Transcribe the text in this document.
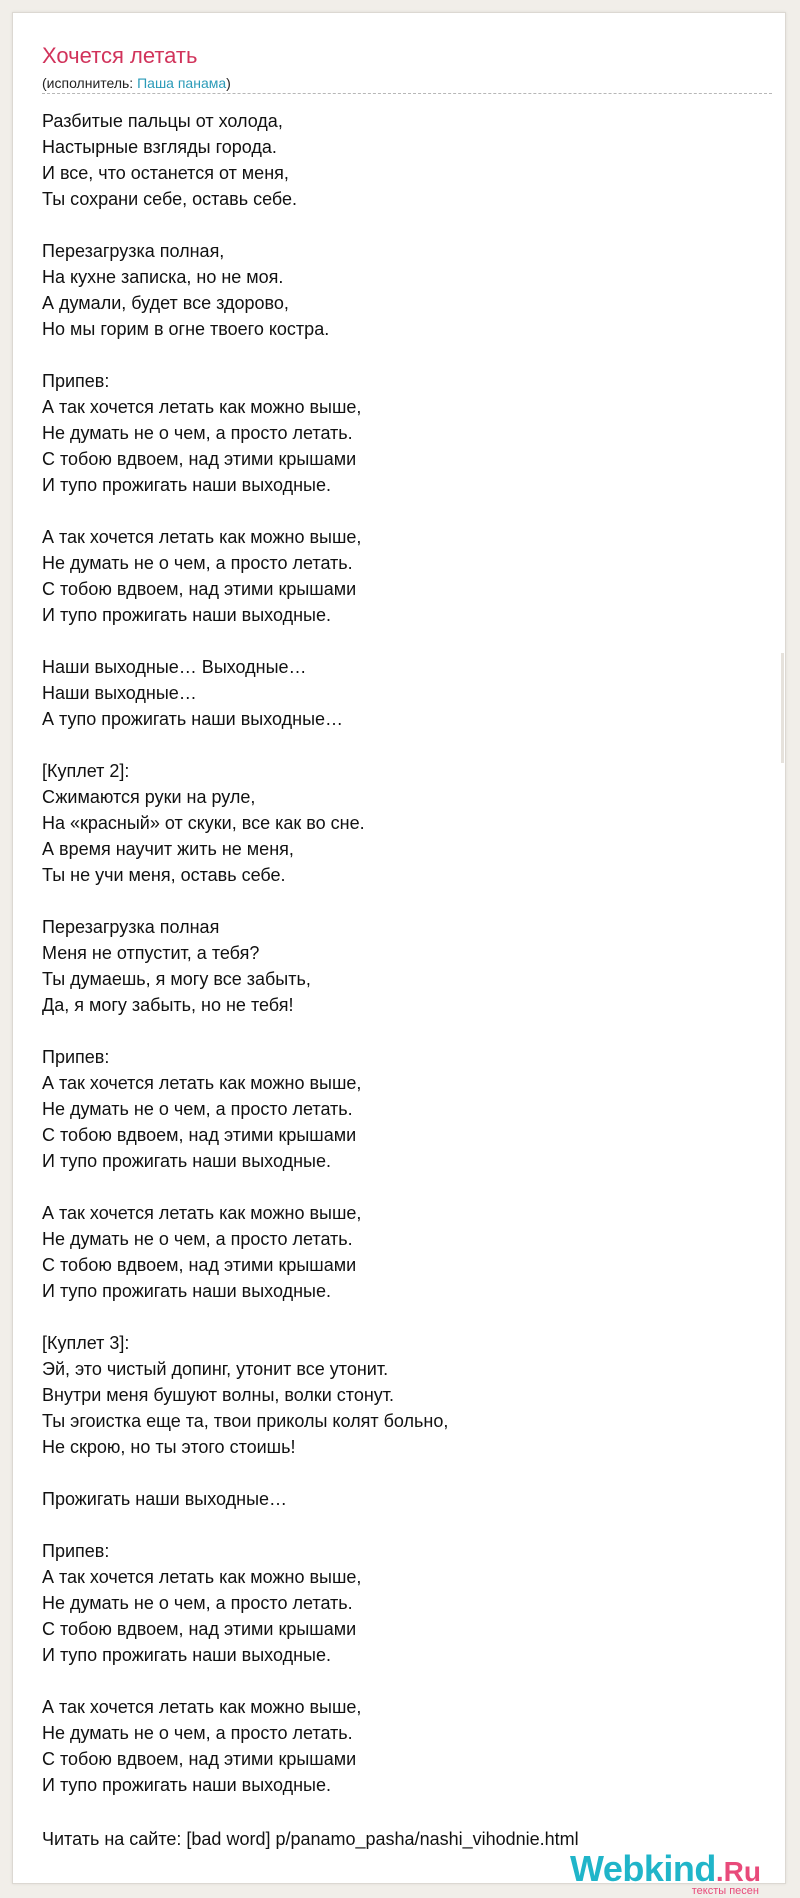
Хочется летать
(исполнитель: Паша панама)
Разбитые пальцы от холода,
Настырные взгляды города.
И все, что останется от меня,
Ты сохрани себе, оставь себе.
Перезагрузка полная,
На кухне записка, но не моя.
А думали, будет все здорово,
Но мы горим в огне твоего костра.
Припев:
А так хочется летать как можно выше,
Не думать не о чем, а просто летать.
С тобою вдвоем, над этими крышами
И тупо прожигать наши выходные.
А так хочется летать как можно выше,
Не думать не о чем, а просто летать.
С тобою вдвоем, над этими крышами
И тупо прожигать наши выходные.
Наши выходные… Выходные…
Наши выходные…
А тупо прожигать наши выходные…
[Куплет 2]:
Сжимаются руки на руле,
На «красный» от скуки, все как во сне.
А время научит жить не меня,
Ты не учи меня, оставь себе.
Перезагрузка полная
Меня не отпустит, а тебя?
Ты думаешь, я могу все забыть,
Да, я могу забыть, но не тебя!
Припев:
А так хочется летать как можно выше,
Не думать не о чем, а просто летать.
С тобою вдвоем, над этими крышами
И тупо прожигать наши выходные.
А так хочется летать как можно выше,
Не думать не о чем, а просто летать.
С тобою вдвоем, над этими крышами
И тупо прожигать наши выходные.
[Куплет 3]:
Эй, это чистый допинг, утонит все утонит.
Внутри меня бушуют волны, волки стонут.
Ты эгоистка еще та, твои приколы колят больно,
Не скрою, но ты этого стоишь!
Прожигать наши выходные…
Припев:
А так хочется летать как можно выше,
Не думать не о чем, а просто летать.
С тобою вдвоем, над этими крышами
И тупо прожигать наши выходные.
А так хочется летать как можно выше,
Не думать не о чем, а просто летать.
С тобою вдвоем, над этими крышами
И тупо прожигать наши выходные.
Читать на сайте: [bad word] p/panamo_pasha/nashi_vihodnie.html
Webkind.Ru
тексты песен
